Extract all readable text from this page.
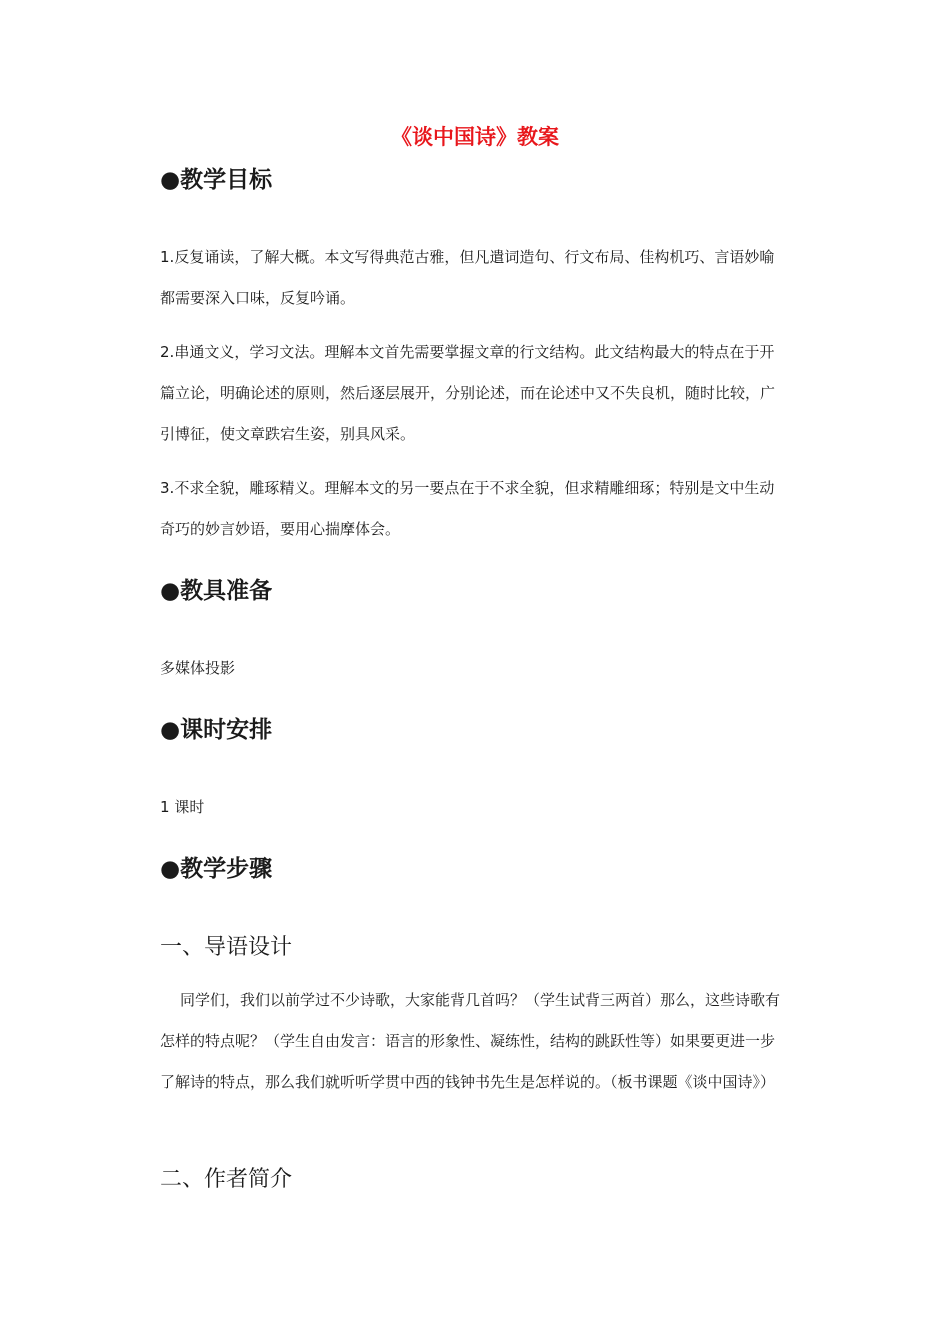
《谈中国诗》教案
●教学目标

1.反复诵读，了解大概。本文写得典范古雅，但凡遣词造句、行文布局、佳构机巧、言语妙喻都需要深入口味，反复吟诵。

2.串通文义，学习文法。理解本文首先需要掌握文章的行文结构。此文结构最大的特点在于开篇立论，明确论述的原则，然后逐层展开，分别论述，而在论述中又不失良机，随时比较，广引博征，使文章跌宕生姿，别具风采。

3.不求全貌，雕琢精义。理解本文的另一要点在于不求全貌，但求精雕细琢；特别是文中生动奇巧的妙言妙语，要用心揣摩体会。

●教具准备

多媒体投影

●课时安排

1 课时

●教学步骤
一、导语设计

同学们，我们以前学过不少诗歌，大家能背几首吗？（学生试背三两首）那么，这些诗歌有怎样的特点呢？（学生自由发言：语言的形象性、凝练性，结构的跳跃性等）如果要更进一步了解诗的特点，那么我们就听听学贯中西的钱钟书先生是怎样说的。（板书课题《谈中国诗》）

二、作者简介
